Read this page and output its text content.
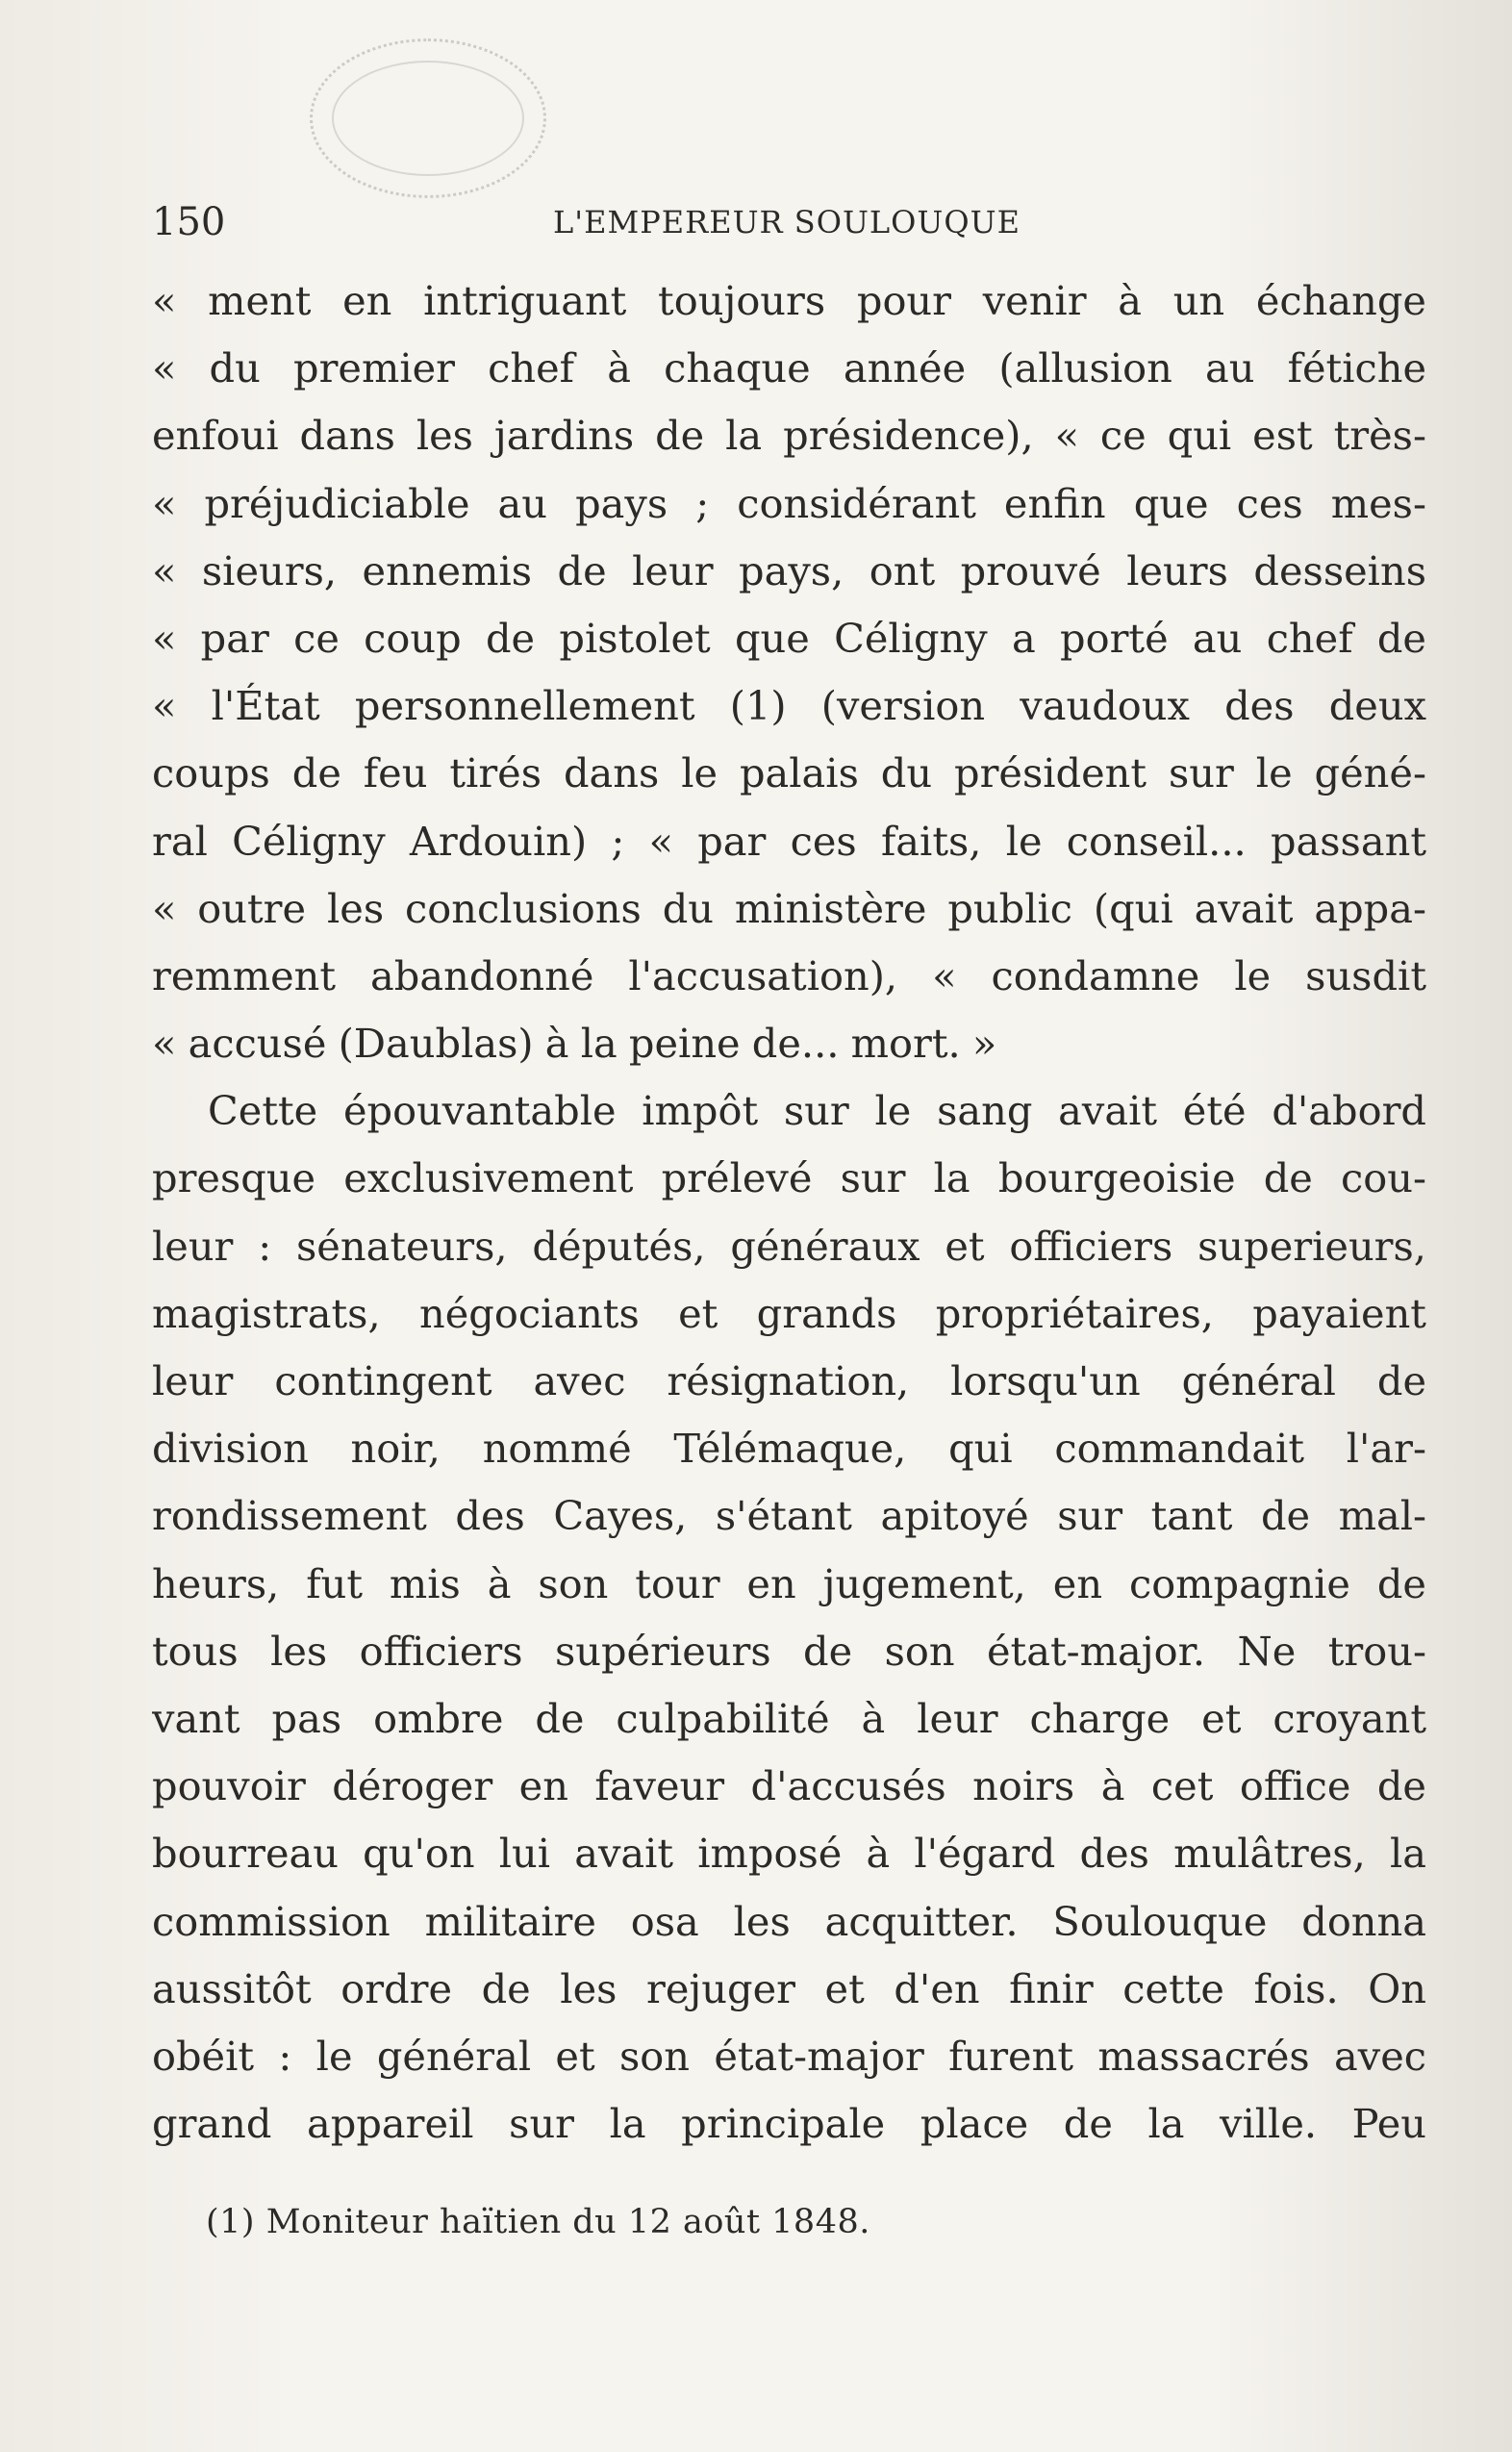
150	L'EMPEREUR SOULOUQUE
« ment en intriguant toujours pour venir à un échange
« du premier chef à chaque année (allusion au fétiche
enfoui dans les jardins de la présidence), « ce qui est très-
« préjudiciable au pays ; considérant enfin que ces mes-
« sieurs, ennemis de leur pays, ont prouvé leurs desseins
« par ce coup de pistolet que Céligny a porté au chef de
« l'État personnellement (1) (version vaudoux des deux
coups de feu tirés dans le palais du président sur le géné-
ral Céligny Ardouin) ; « par ces faits, le conseil... passant
« outre les conclusions du ministère public (qui avait appa-
remment abandonné l'accusation), « condamne le susdit
« accusé (Daublas) à la peine de... mort. »
Cette épouvantable impôt sur le sang avait été d'abord
presque exclusivement prélevé sur la bourgeoisie de cou-
leur : sénateurs, députés, généraux et officiers superieurs,
magistrats, négociants et grands propriétaires, payaient
leur contingent avec résignation, lorsqu'un général de
division noir, nommé Télémaque, qui commandait l'ar-
rondissement des Cayes, s'étant apitoyé sur tant de mal-
heurs, fut mis à son tour en jugement, en compagnie de
tous les officiers supérieurs de son état-major. Ne trou-
vant pas ombre de culpabilité à leur charge et croyant
pouvoir déroger en faveur d'accusés noirs à cet office de
bourreau qu'on lui avait imposé à l'égard des mulâtres, la
commission militaire osa les acquitter. Soulouque donna
aussitôt ordre de les rejuger et d'en finir cette fois. On
obéit : le général et son état-major furent massacrés avec
grand appareil sur la principale place de la ville. Peu
(1) Moniteur haïtien du 12 août 1848.
